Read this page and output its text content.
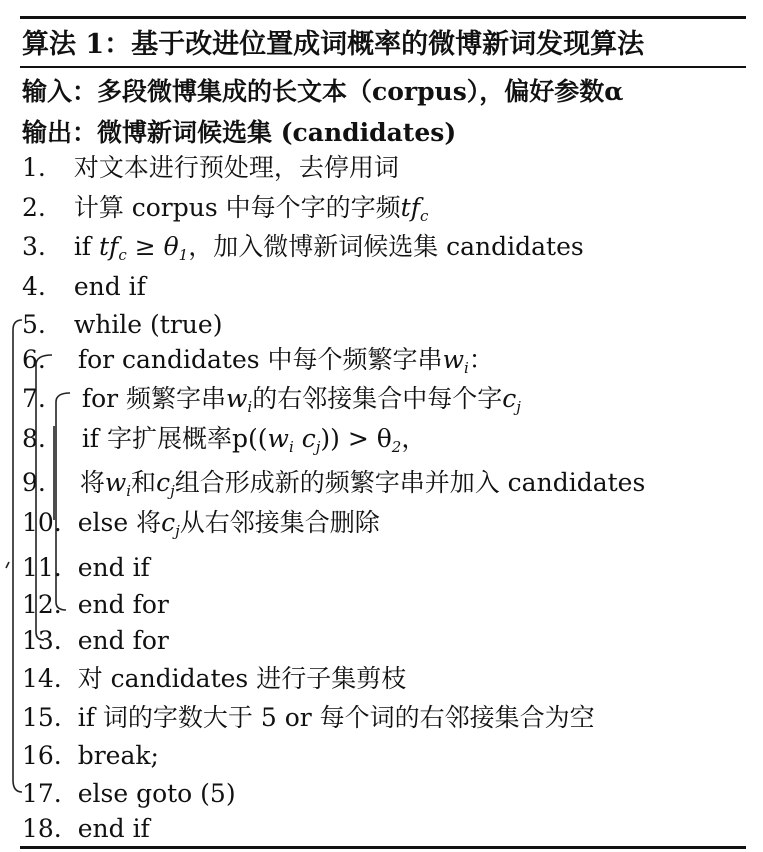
算法 1：基于改进位置成词概率的微博新词发现算法
输入：多段微博集成的长文本（corpus），偏好参数α
输出：微博新词候选集 (candidates)
1. 对文本进行预处理，去停用词
2. 计算 corpus 中每个字的字频$tf_c$
3. if $tf_c \ge \theta_1$，加入微博新词候选集 candidates
4. end if
5. while (true)
6. for candidates 中每个频繁字串$w_i$：
7. for 频繁字串$w_i$的右邻接集合中每个字$c_j$
8. if 字扩展概率$p((w_i$ $c_j)) > \theta_2$，
9. 将$w_i$和$c_j$组合形成新的频繁字串并加入 candidates
10. else 将$c_j$从右邻接集合删除
11. end if
12. end for
13. end for
14. 对 candidates 进行子集剪枝
15. if 词的字数大于 5 or 每个词的右邻接集合为空
16. break;
17. else goto (5)
18. end if
